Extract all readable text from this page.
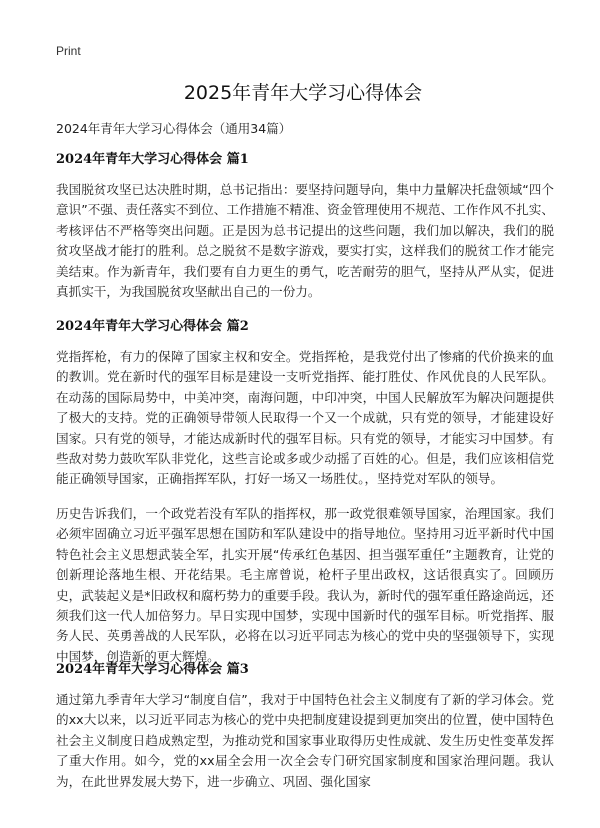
Print
2025年青年大学习心得体会
2024年青年大学习心得体会（通用34篇）
2024年青年大学习心得体会 篇1

我国脱贫攻坚已达决胜时期，总书记指出：要坚持问题导向，集中力量解决托盘领域“四个意识”不强、责任落实不到位、工作措施不精准、资金管理使用不规范、工作作风不扎实、考核评估不严格等突出问题。正是因为总书记提出的这些问题，我们加以解决，我们的脱贫攻坚战才能打的胜利。总之脱贫不是数字游戏，要实打实，这样我们的脱贫工作才能完美结束。作为新青年，我们要有自力更生的勇气，吃苦耐劳的胆气，坚持从严从实，促进真抓实干，为我国脱贫攻坚献出自己的一份力。

2024年青年大学习心得体会 篇2

党指挥枪，有力的保障了国家主权和安全。党指挥枪，是我党付出了惨痛的代价换来的血的教训。党在新时代的强军目标是建设一支听党指挥、能打胜仗、作风优良的人民军队。在动荡的国际局势中，中美冲突，南海问题，中印冲突，中国人民解放军为解决问题提供了极大的支持。党的正确领导带领人民取得一个又一个成就，只有党的领导，才能建设好国家。只有党的领导，才能达成新时代的强军目标。只有党的领导，才能实习中国梦。有些敌对势力鼓吹军队非党化，这些言论或多或少动摇了百姓的心。但是，我们应该相信党能正确领导国家，正确指挥军队，打好一场又一场胜仗。，坚持党对军队的领导。

历史告诉我们，一个政党若没有军队的指挥权，那一政党很难领导国家，治理国家。我们必须牢固确立习近平强军思想在国防和军队建设中的指导地位。坚持用习近平新时代中国特色社会主义思想武装全军，扎实开展“传承红色基因、担当强军重任”主题教育，让党的创新理论落地生根、开花结果。毛主席曾说，枪杆子里出政权，这话很真实了。回顾历史，武装起义是*旧政权和腐朽势力的重要手段。我认为，新时代的强军重任路途尚远，还须我们这一代人加倍努力。早日实现中国梦，实现中国新时代的强军目标。听党指挥、服务人民、英勇善战的人民军队，必将在以习近平同志为核心的党中央的坚强领导下，实现中国梦，创造新的更大辉煌。

2024年青年大学习心得体会 篇3

通过第九季青年大学习“制度自信”，我对于中国特色社会主义制度有了新的学习体会。党的xx大以来，以习近平同志为核心的党中央把制度建设提到更加突出的位置，使中国特色社会主义制度日趋成熟定型，为推动党和国家事业取得历史性成就、发生历史性变革发挥了重大作用。如今，党的xx届全会用一次全会专门研究国家制度和国家治理问题。我认为，在此世界发展大势下，进一步确立、巩固、强化国家
